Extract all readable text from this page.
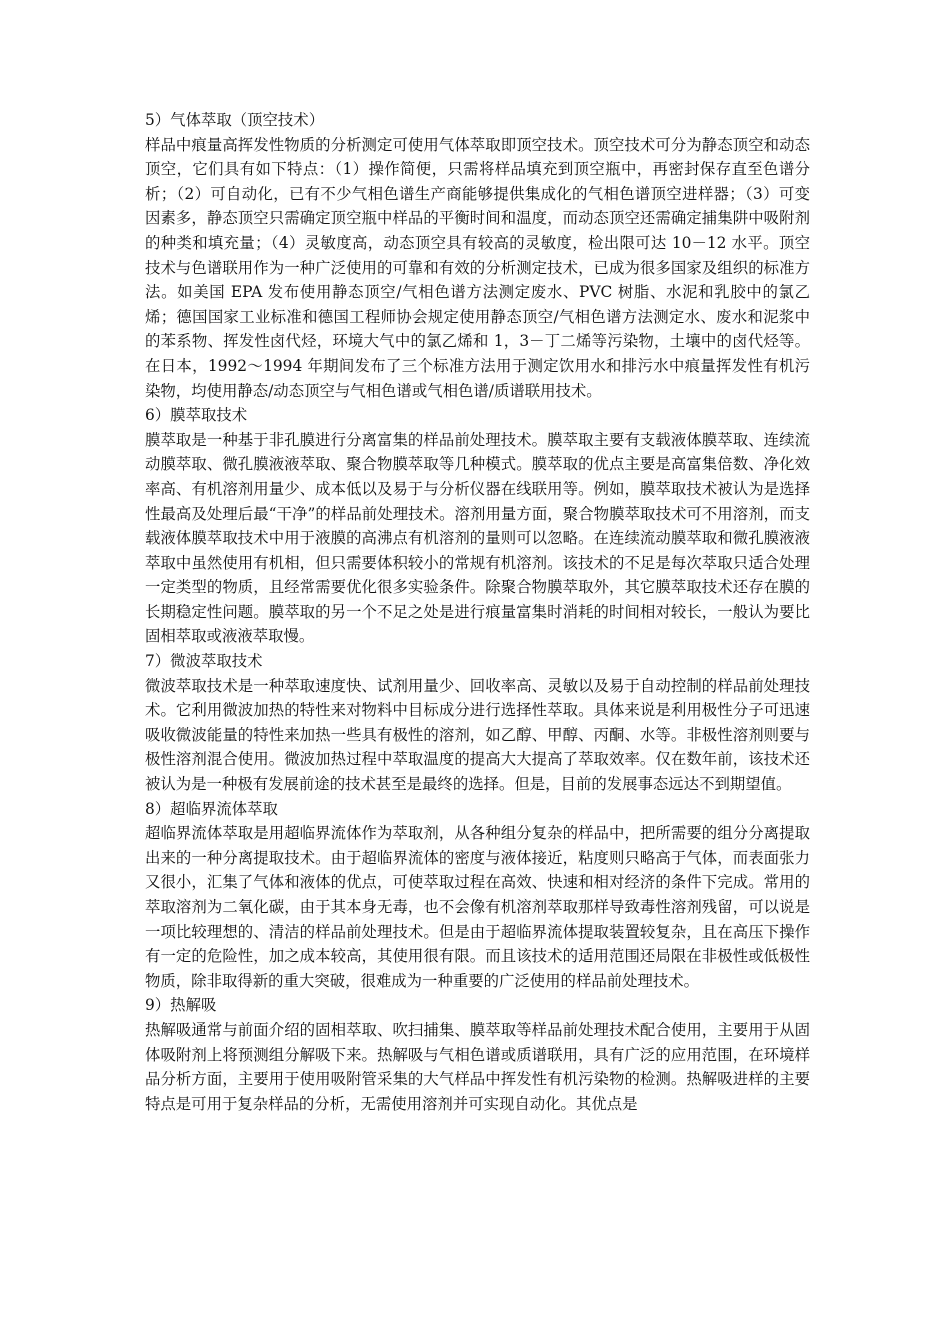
5）气体萃取（顶空技术）

样品中痕量高挥发性物质的分析测定可使用气体萃取即顶空技术。顶空技术可分为静态顶空和动态顶空，它们具有如下特点：（1）操作简便，只需将样品填充到顶空瓶中，再密封保存直至色谱分析；（2）可自动化，已有不少气相色谱生产商能够提供集成化的气相色谱顶空进样器；（3）可变因素多，静态顶空只需确定顶空瓶中样品的平衡时间和温度，而动态顶空还需确定捕集阱中吸附剂的种类和填充量；（4）灵敏度高，动态顶空具有较高的灵敏度，检出限可达 10－12 水平。顶空技术与色谱联用作为一种广泛使用的可靠和有效的分析测定技术，已成为很多国家及组织的标准方法。如美国 EPA 发布使用静态顶空/气相色谱方法测定废水、PVC 树脂、水泥和乳胶中的氯乙烯；德国国家工业标准和德国工程师协会规定使用静态顶空/气相色谱方法测定水、废水和泥浆中的苯系物、挥发性卤代烃，环境大气中的氯乙烯和 1，3－丁二烯等污染物，土壤中的卤代烃等。在日本，1992～1994 年期间发布了三个标准方法用于测定饮用水和排污水中痕量挥发性有机污染物，均使用静态/动态顶空与气相色谱或气相色谱/质谱联用技术。

6）膜萃取技术

膜萃取是一种基于非孔膜进行分离富集的样品前处理技术。膜萃取主要有支载液体膜萃取、连续流动膜萃取、微孔膜液液萃取、聚合物膜萃取等几种模式。膜萃取的优点主要是高富集倍数、净化效率高、有机溶剂用量少、成本低以及易于与分析仪器在线联用等。例如，膜萃取技术被认为是选择性最高及处理后最“干净”的样品前处理技术。溶剂用量方面，聚合物膜萃取技术可不用溶剂，而支载液体膜萃取技术中用于液膜的高沸点有机溶剂的量则可以忽略。在连续流动膜萃取和微孔膜液液萃取中虽然使用有机相，但只需要体积较小的常规有机溶剂。该技术的不足是每次萃取只适合处理一定类型的物质，且经常需要优化很多实验条件。除聚合物膜萃取外，其它膜萃取技术还存在膜的长期稳定性问题。膜萃取的另一个不足之处是进行痕量富集时消耗的时间相对较长，一般认为要比固相萃取或液液萃取慢。

7）微波萃取技术

微波萃取技术是一种萃取速度快、试剂用量少、回收率高、灵敏以及易于自动控制的样品前处理技术。它利用微波加热的特性来对物料中目标成分进行选择性萃取。具体来说是利用极性分子可迅速吸收微波能量的特性来加热一些具有极性的溶剂，如乙醇、甲醇、丙酮、水等。非极性溶剂则要与极性溶剂混合使用。微波加热过程中萃取温度的提高大大提高了萃取效率。仅在数年前，该技术还被认为是一种极有发展前途的技术甚至是最终的选择。但是，目前的发展事态远达不到期望值。

8）超临界流体萃取

超临界流体萃取是用超临界流体作为萃取剂，从各种组分复杂的样品中，把所需要的组分分离提取出来的一种分离提取技术。由于超临界流体的密度与液体接近，粘度则只略高于气体，而表面张力又很小，汇集了气体和液体的优点，可使萃取过程在高效、快速和相对经济的条件下完成。常用的萃取溶剂为二氧化碳，由于其本身无毒，也不会像有机溶剂萃取那样导致毒性溶剂残留，可以说是一项比较理想的、清洁的样品前处理技术。但是由于超临界流体提取装置较复杂，且在高压下操作有一定的危险性，加之成本较高，其使用很有限。而且该技术的适用范围还局限在非极性或低极性物质，除非取得新的重大突破，很难成为一种重要的广泛使用的样品前处理技术。

9）热解吸

热解吸通常与前面介绍的固相萃取、吹扫捕集、膜萃取等样品前处理技术配合使用，主要用于从固体吸附剂上将预测组分解吸下来。热解吸与气相色谱或质谱联用，具有广泛的应用范围，在环境样品分析方面，主要用于使用吸附管采集的大气样品中挥发性有机污染物的检测。热解吸进样的主要特点是可用于复杂样品的分析，无需使用溶剂并可实现自动化。其优点是
